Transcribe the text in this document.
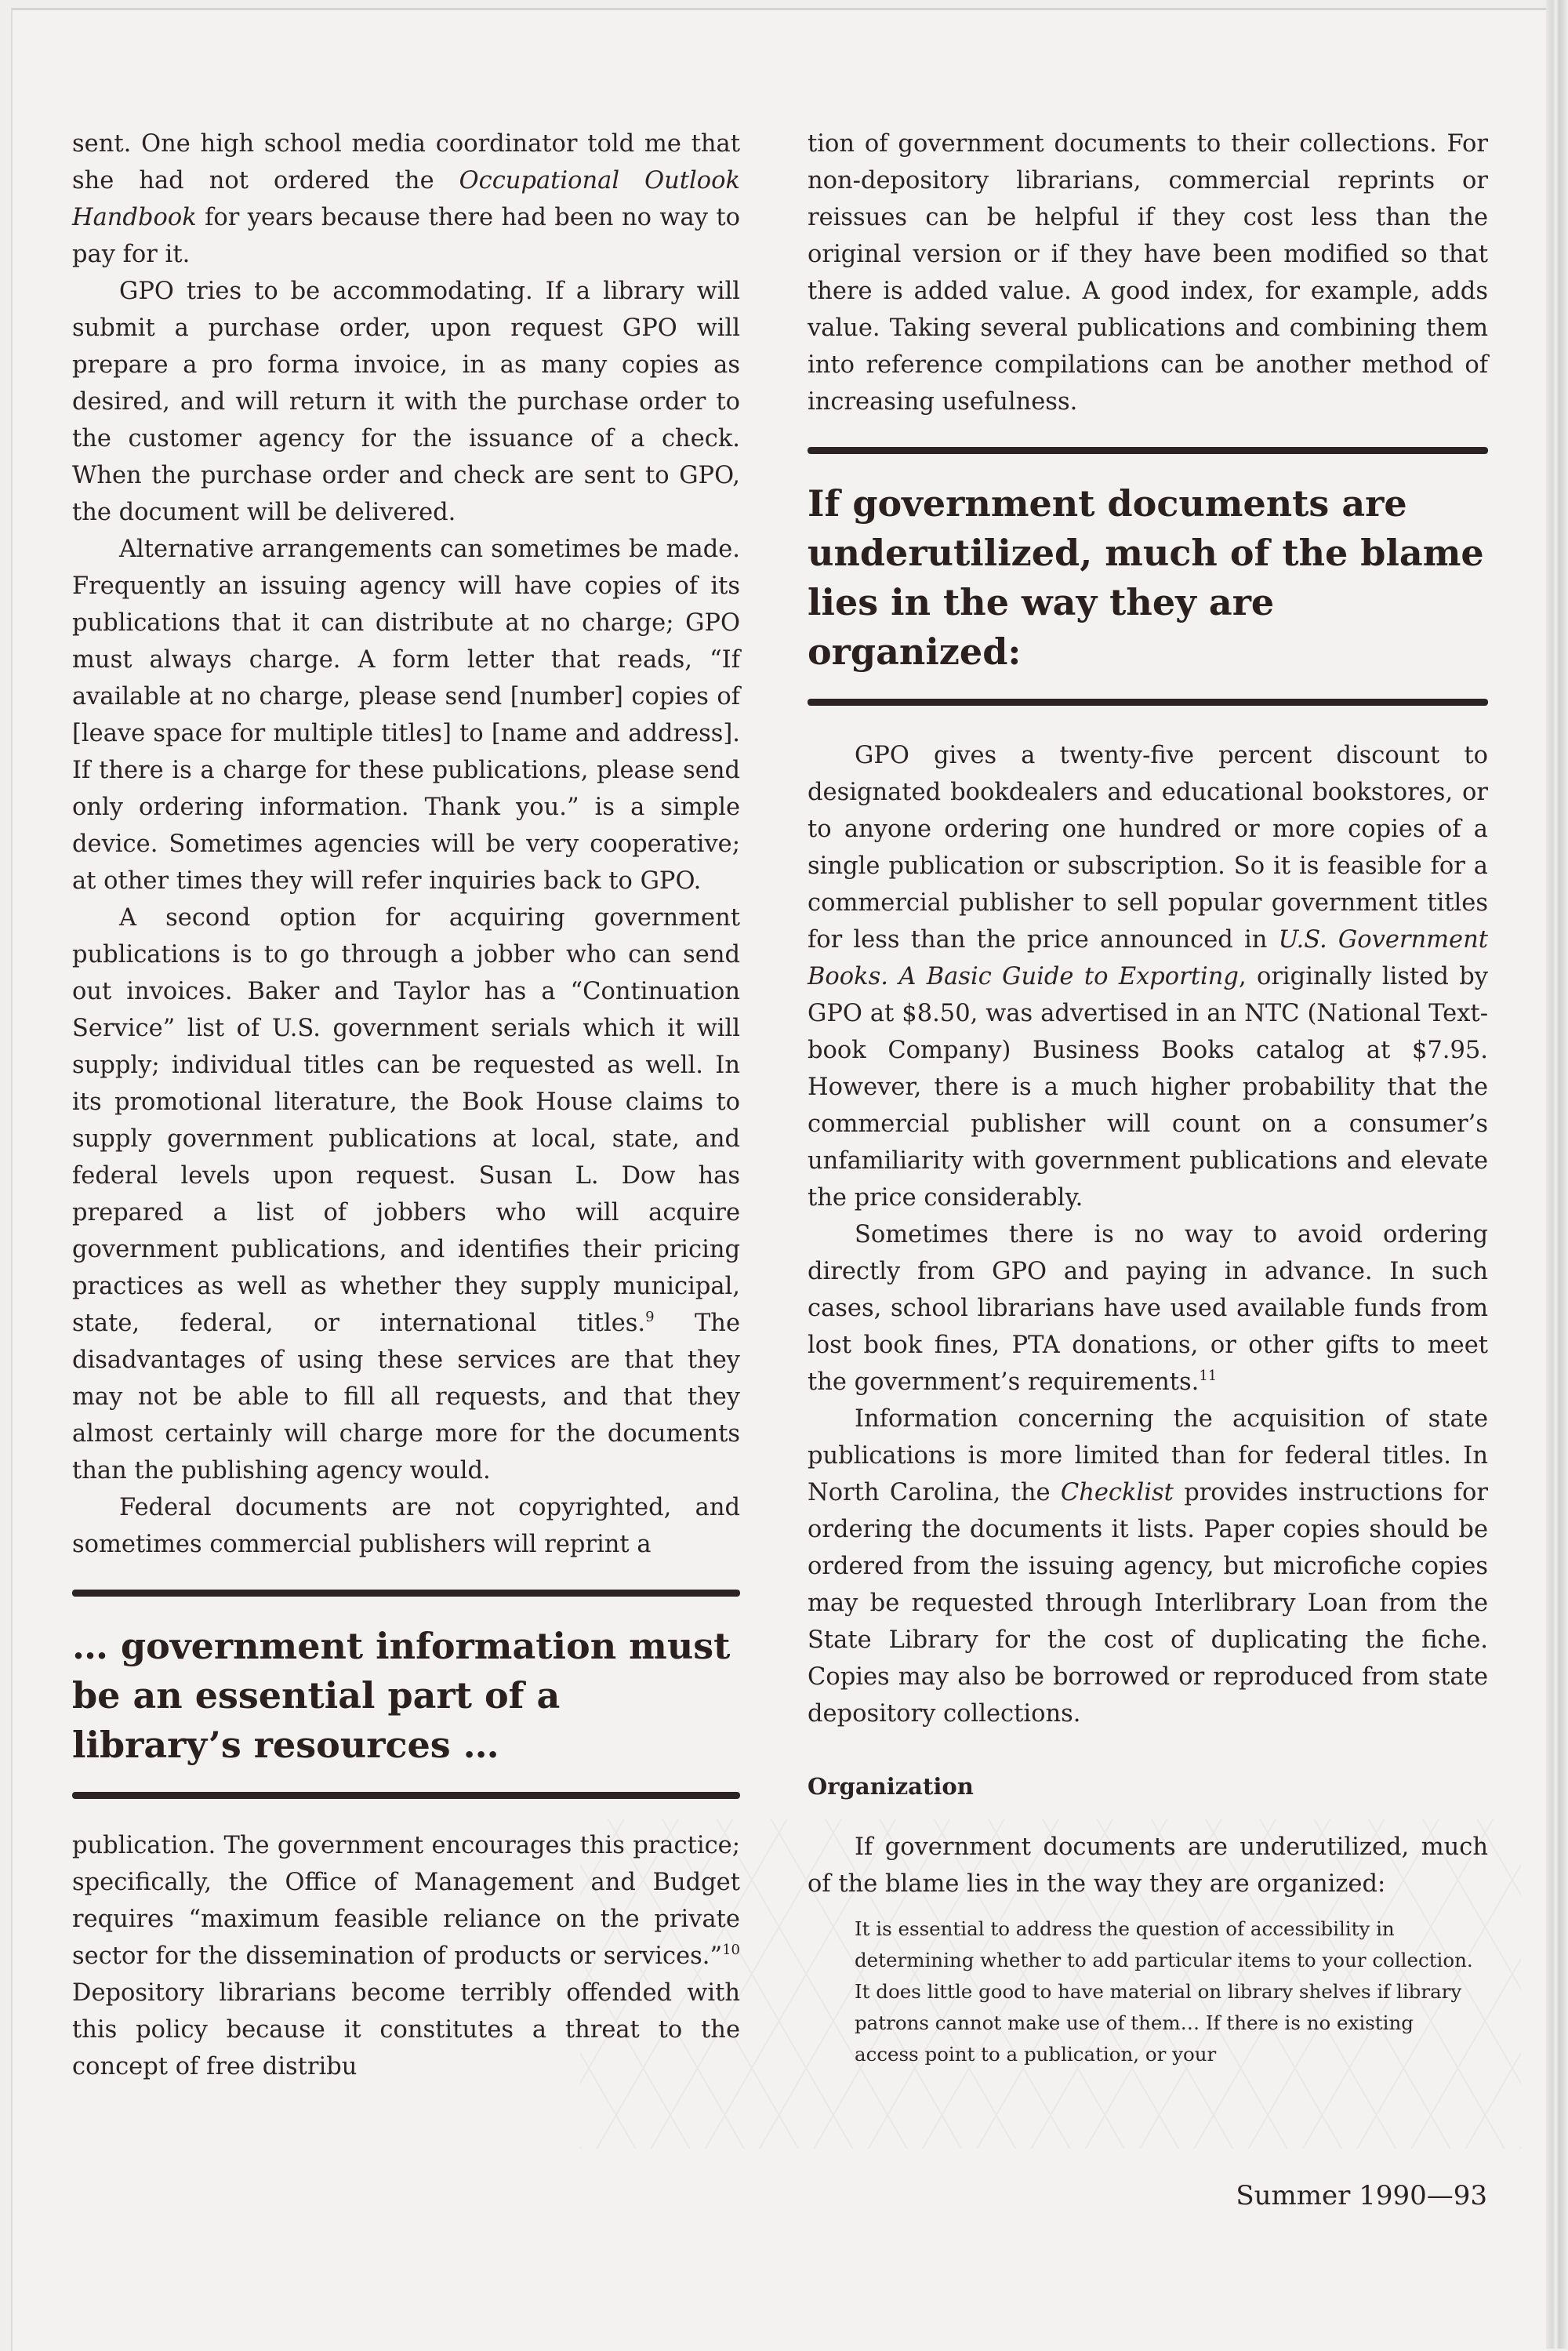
sent. One high school media coordinator told me that she had not ordered the Occupational Outlook Handbook for years because there had been no way to pay for it.

GPO tries to be accommodating. If a library will submit a purchase order, upon request GPO will prepare a pro forma invoice, in as many copies as desired, and will return it with the purchase order to the customer agency for the issuance of a check. When the purchase order and check are sent to GPO, the document will be delivered.

Alternative arrangements can sometimes be made. Frequently an issuing agency will have copies of its publications that it can distribute at no charge; GPO must always charge. A form letter that reads, “If available at no charge, please send [number] copies of [leave space for multiple titles] to [name and address]. If there is a charge for these publications, please send only ordering information. Thank you.” is a simple device. Sometimes agencies will be very cooperative; at other times they will refer inquiries back to GPO.

A second option for acquiring government publications is to go through a jobber who can send out invoices. Baker and Taylor has a “Continuation Service” list of U.S. government serials which it will supply; individual titles can be requested as well. In its promotional literature, the Book House claims to supply government publications at local, state, and federal levels upon request. Susan L. Dow has prepared a list of jobbers who will acquire government publications, and identifies their pricing practices as well as whether they supply municipal, state, federal, or international titles.$^9$ The disadvantages of using these services are that they may not be able to fill all requests, and that they almost certainly will charge more for the documents than the publishing agency would.

Federal documents are not copyrighted, and sometimes commercial publishers will reprint a

… government information must be an essential part of a library’s resources …

publication. The government encourages this practice; specifically, the Office of Management and Budget requires “maximum feasible reliance on the private sector for the dissemination of products or services.”$^{10}$ Depository librarians become terribly offended with this policy because it constitutes a threat to the concept of free distribu

tion of government documents to their collections. For non-depository librarians, commercial reprints or reissues can be helpful if they cost less than the original version or if they have been modified so that there is added value. A good index, for example, adds value. Taking several publications and combining them into reference compilations can be another method of increasing usefulness.

If government documents are underutilized, much of the blame lies in the way they are organized:

GPO gives a twenty-five percent discount to designated bookdealers and educational bookstores, or to anyone ordering one hundred or more copies of a single publication or subscription. So it is feasible for a commercial publisher to sell popular government titles for less than the price announced in U.S. Government Books. A Basic Guide to Exporting, originally listed by GPO at $8.50, was advertised in an NTC (National Textbook Company) Business Books catalog at $7.95. However, there is a much higher probability that the commercial publisher will count on a consumer’s unfamiliarity with government publications and elevate the price considerably.

Sometimes there is no way to avoid ordering directly from GPO and paying in advance. In such cases, school librarians have used available funds from lost book fines, PTA donations, or other gifts to meet the government’s requirements.$^{11}$

Information concerning the acquisition of state publications is more limited than for federal titles. In North Carolina, the Checklist provides instructions for ordering the documents it lists. Paper copies should be ordered from the issuing agency, but microfiche copies may be requested through Interlibrary Loan from the State Library for the cost of duplicating the fiche. Copies may also be borrowed or reproduced from state depository collections.

Organization

If government documents are underutilized, much of the blame lies in the way they are organized:

It is essential to address the question of accessibility in determining whether to add particular items to your collection. It does little good to have material on library shelves if library patrons cannot make use of them… If there is no existing access point to a publication, or your

Summer 1990—93
